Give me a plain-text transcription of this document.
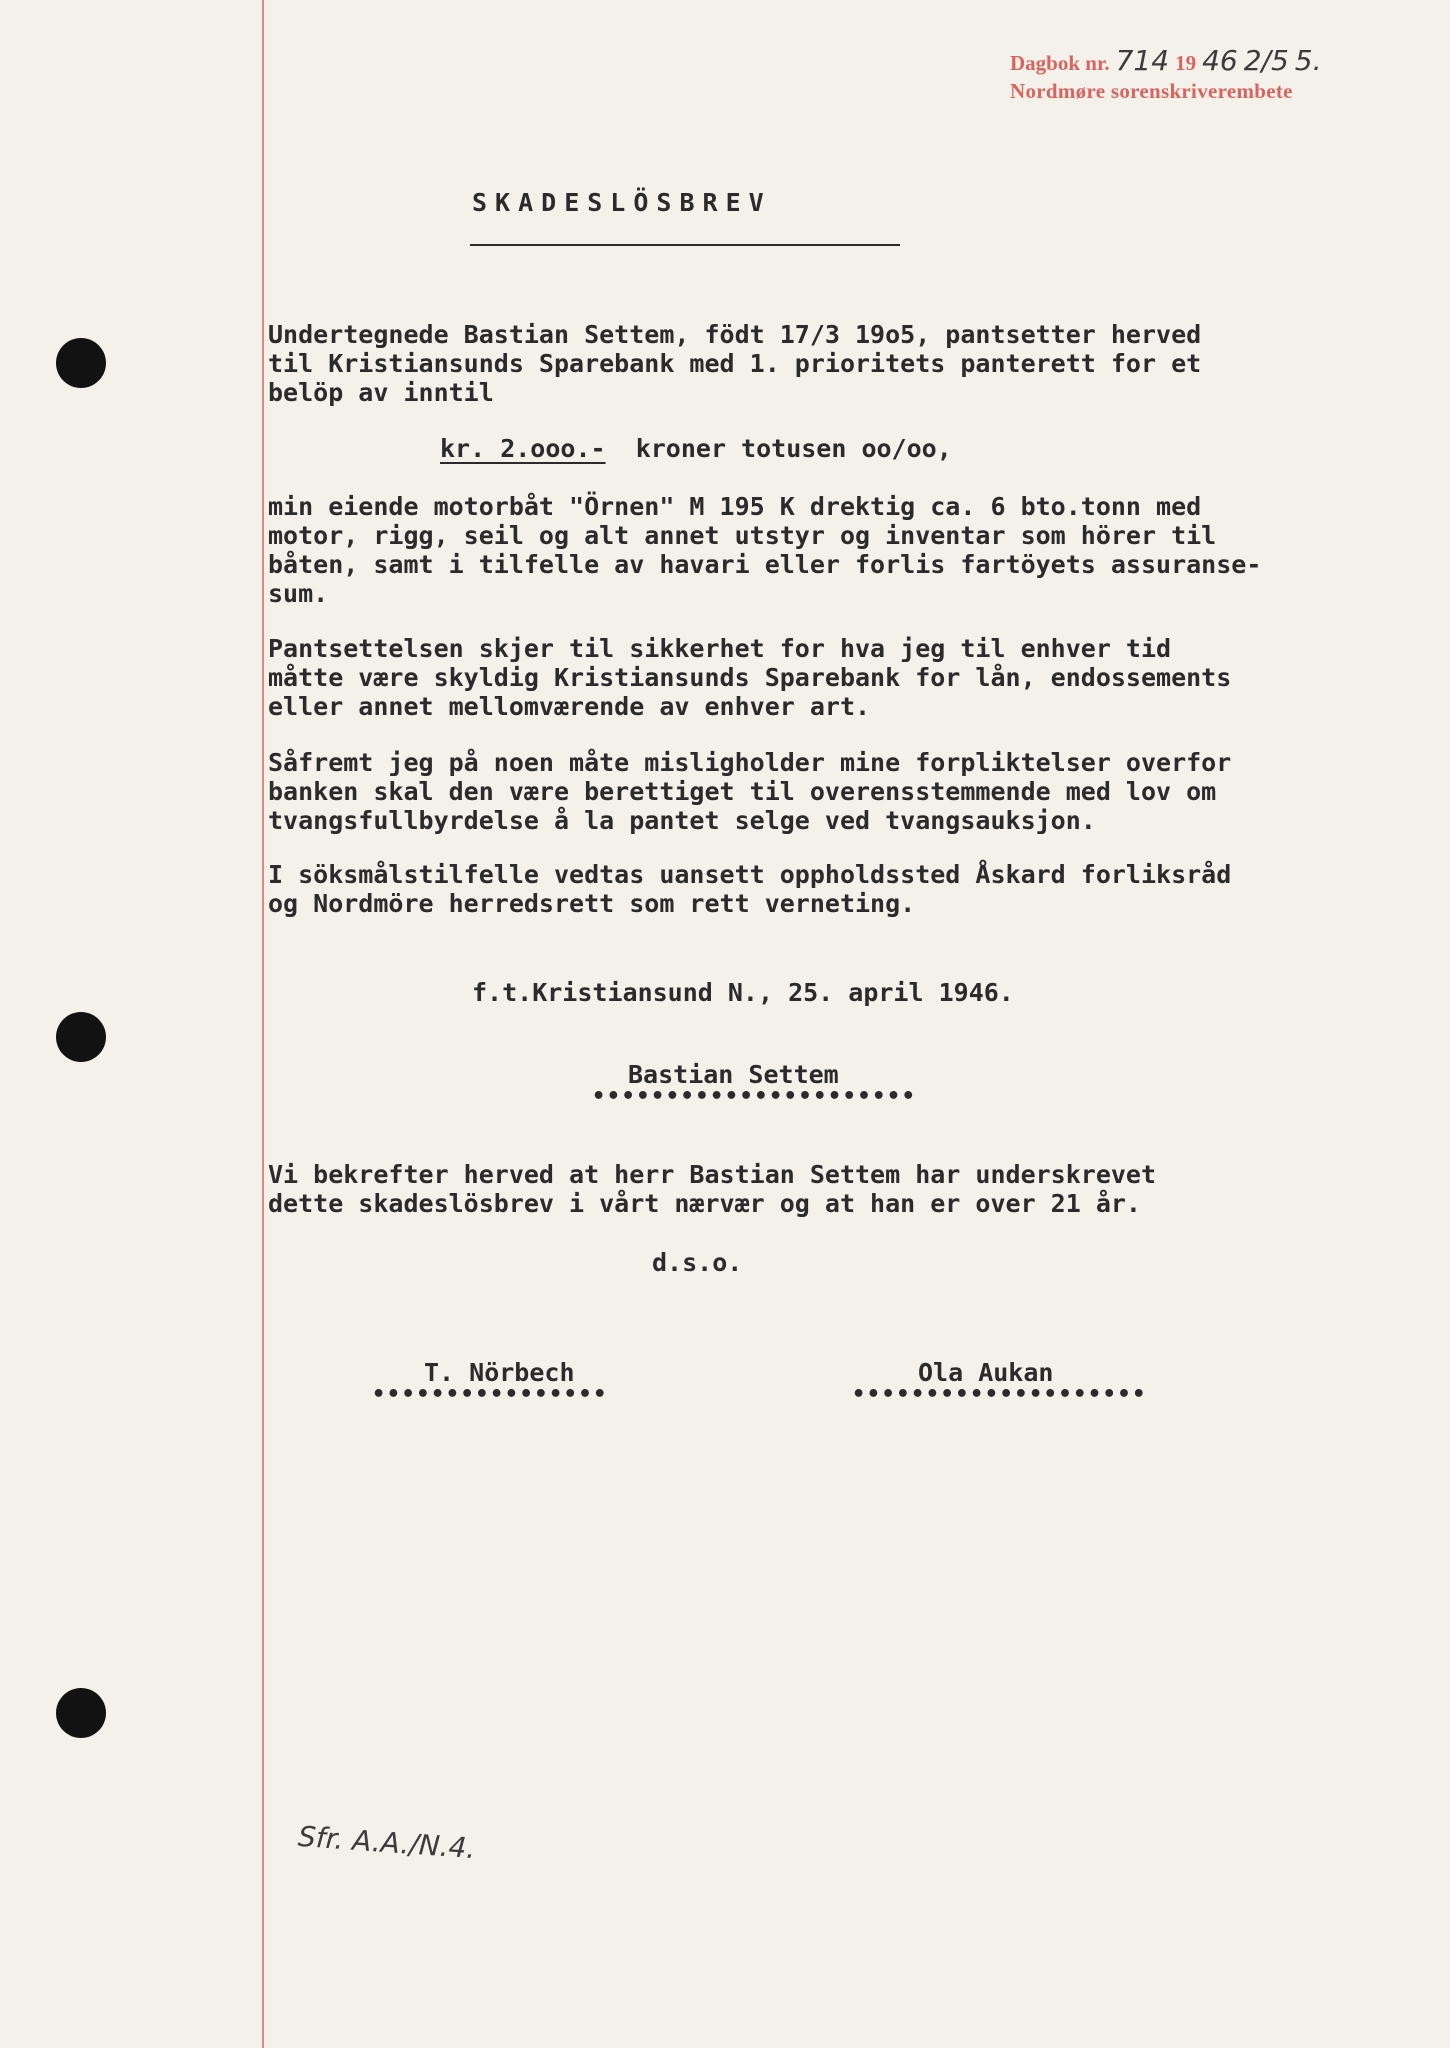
Dagbok nr. 714 19 46 2/5 5.
Nordmøre sorenskriverembete
SKADESLÖSBREV
Undertegnede Bastian Settem, födt 17/3 19o5, pantsetter herved
til Kristiansunds Sparebank med 1. prioritets panterett for et
belöp av inntil
kr. 2.ooo.- kroner totusen oo/oo,
min eiende motorbåt "Örnen" M 195 K drektig ca. 6 bto.tonn med
motor, rigg, seil og alt annet utstyr og inventar som hörer til
båten, samt i tilfelle av havari eller forlis fartöyets assuranse-
sum.
Pantsettelsen skjer til sikkerhet for hva jeg til enhver tid
måtte være skyldig Kristiansunds Sparebank for lån, endossements
eller annet mellomværende av enhver art.
Såfremt jeg på noen måte misligholder mine forpliktelser overfor
banken skal den være berettiget til overensstemmende med lov om
tvangsfullbyrdelse å la pantet selge ved tvangsauksjon.
I söksmålstilfelle vedtas uansett oppholdssted Åskard forliksråd
og Nordmöre herredsrett som rett verneting.
f.t.Kristiansund N., 25. april 1946.
Bastian Settem
••••••••••••••••••••••
Vi bekrefter herved at herr Bastian Settem har underskrevet
dette skadeslösbrev i vårt nærvær og at han er over 21 år.
d.s.o.
T. Nörbech
••••••••••••••••
Ola Aukan
••••••••••••••••••••
Sfr. A.A./N.4.
